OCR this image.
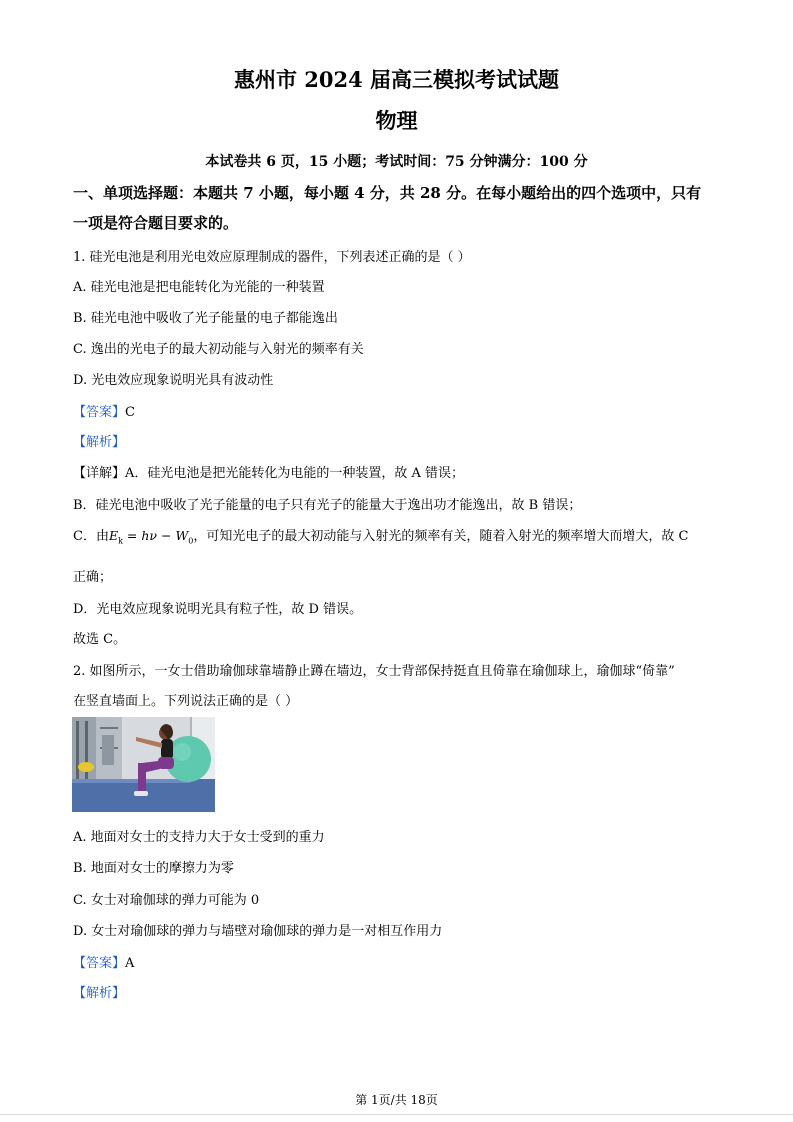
惠州市 2024 届高三模拟考试试题
物理
本试卷共 6 页，15 小题；考试时间：75 分钟满分：100 分
一、单项选择题：本题共 7 小题，每小题 4 分，共 28 分。在每小题给出的四个选项中，只有
一项是符合题目要求的。
1. 硅光电池是利用光电效应原理制成的器件，下列表述正确的是（ ）
A. 硅光电池是把电能转化为光能的一种装置
B. 硅光电池中吸收了光子能量的电子都能逸出
C. 逸出的光电子的最大初动能与入射光的频率有关
D. 光电效应现象说明光具有波动性
【答案】C
【解析】
【详解】A．硅光电池是把光能转化为电能的一种装置，故 A 错误；
B．硅光电池中吸收了光子能量的电子只有光子的能量大于逸出功才能逸出，故 B 错误；
C．由$E_k = h\nu - W_0$，可知光电子的最大初动能与入射光的频率有关，随着入射光的频率增大而增大，故 C
正确；
D．光电效应现象说明光具有粒子性，故 D 错误。
故选 C。
2. 如图所示，一女士借助瑜伽球靠墙静止蹲在墙边，女士背部保持挺直且倚靠在瑜伽球上，瑜伽球“倚靠”
在竖直墙面上。下列说法正确的是（ ）
A. 地面对女士的支持力大于女士受到的重力
B. 地面对女士的摩擦力为零
C. 女士对瑜伽球的弹力可能为 0
D. 女士对瑜伽球的弹力与墙壁对瑜伽球的弹力是一对相互作用力
【答案】A
【解析】
第 1页/共 18页
